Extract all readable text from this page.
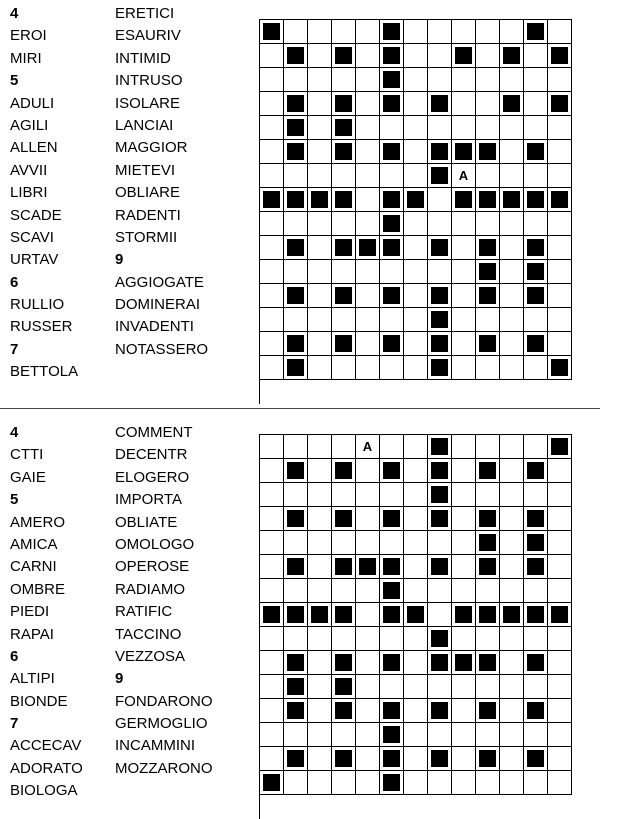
4
EROI
MIRI
5
ADULI
AGILI
ALLEN
AVVII
LIBRI
SCADE
SCAVI
URTAV
6
RULLIO
RUSSER
7
BETTOLA
ERETICI
ESAURIV
INTIMID
INTRUSO
ISOLARE
LANCIAI
MAGGIOR
MIETEVI
OBLIARE
RADENTI
STORMII
9
AGGIOGATE
DOMINERAI
INVADENTI
NOTASSERO
A
4
CTTI
GAIE
5
AMERO
AMICA
CARNI
OMBRE
PIEDI
RAPAI
6
ALTIPI
BIONDE
7
ACCECAV
ADORATO
BIOLOGA
COMMENT
DECENTR
ELOGERO
IMPORTA
OBLIATE
OMOLOGO
OPEROSE
RADIAMO
RATIFIC
TACCINO
VEZZOSA
9
FONDARONO
GERMOGLIO
INCAMMINI
MOZZARONO
A
